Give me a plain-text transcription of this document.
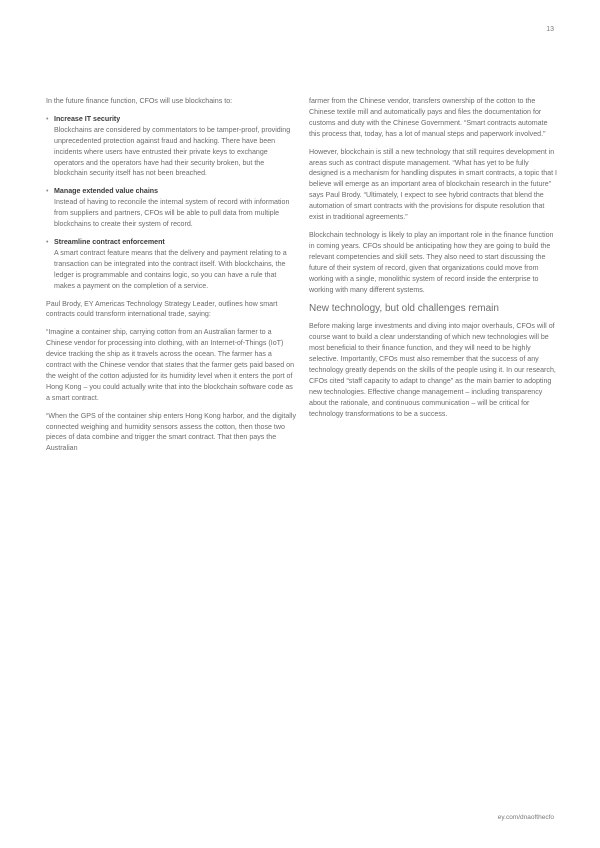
13

In the future finance function, CFOs will use blockchains to:

• Increase IT security
Blockchains are considered by commentators to be tamper-proof, providing unprecedented protection against fraud and hacking. There have been incidents where users have entrusted their private keys to exchange operators and the operators have had their security broken, but the blockchain security itself has not been breached.
• Manage extended value chains
Instead of having to reconcile the internal system of record with information from suppliers and partners, CFOs will be able to pull data from multiple blockchains to create their system of record.
• Streamline contract enforcement
A smart contract feature means that the delivery and payment relating to a transaction can be integrated into the contract itself. With blockchains, the ledger is programmable and contains logic, so you can have a rule that makes a payment on the completion of a service.

Paul Brody, EY Americas Technology Strategy Leader, outlines how smart contracts could transform international trade, saying:

“Imagine a container ship, carrying cotton from an Australian farmer to a Chinese vendor for processing into clothing, with an Internet-of-Things (IoT) device tracking the ship as it travels across the ocean. The farmer has a contract with the Chinese vendor that states that the farmer gets paid based on the weight of the cotton adjusted for its humidity level when it enters the port of Hong Kong – you could actually write that into the blockchain software code as a smart contract.

“When the GPS of the container ship enters Hong Kong harbor, and the digitally connected weighing and humidity sensors assess the cotton, then those two pieces of data combine and trigger the smart contract. That then pays the Australian

farmer from the Chinese vendor, transfers ownership of the cotton to the Chinese textile mill and automatically pays and files the documentation for customs and duty with the Chinese Government. “Smart contracts automate this process that, today, has a lot of manual steps and paperwork involved.”

However, blockchain is still a new technology that still requires development in areas such as contract dispute management. “What has yet to be fully designed is a mechanism for handling disputes in smart contracts, a topic that I believe will emerge as an important area of blockchain research in the future” says Paul Brody. “Ultimately, I expect to see hybrid contracts that blend the automation of smart contracts with the provisions for dispute resolution that exist in traditional agreements.”

Blockchain technology is likely to play an important role in the finance function in coming years. CFOs should be anticipating how they are going to build the relevant competencies and skill sets. They also need to start discussing the future of their system of record, given that organizations could move from working with a single, monolithic system of record inside the enterprise to working with many different systems.

New technology, but old challenges remain

Before making large investments and diving into major overhauls, CFOs will of course want to build a clear understanding of which new technologies will be most beneficial to their finance function, and they will need to be highly selective. Importantly, CFOs must also remember that the success of any technology greatly depends on the skills of the people using it. In our research, CFOs cited “staff capacity to adapt to change” as the main barrier to adopting new technologies. Effective change management – including transparency about the rationale, and continuous communication – will be critical for technology transformations to be a success.

ey.com/dnaofthecfo
